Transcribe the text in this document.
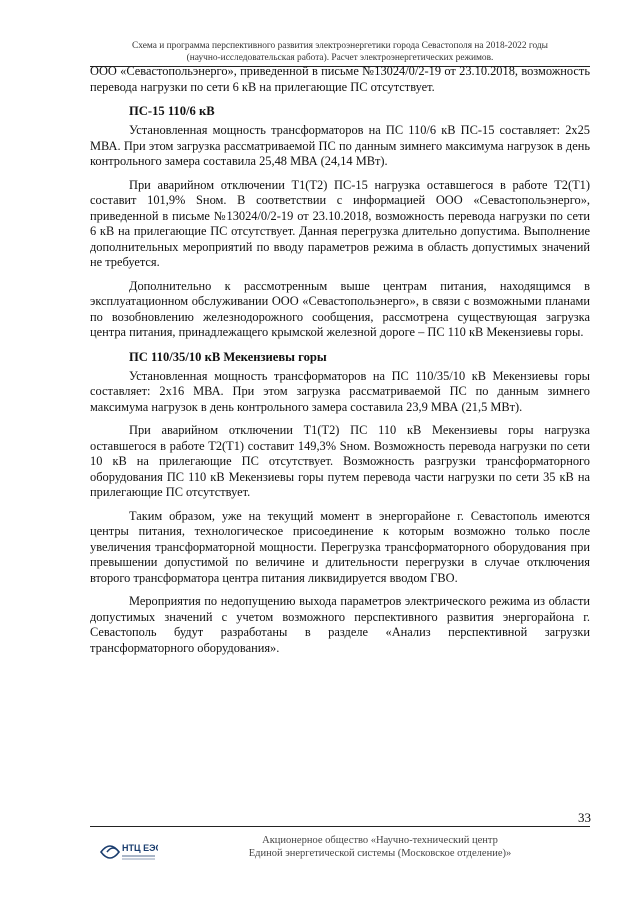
Схема и программа перспективного развития электроэнергетики города Севастополя на 2018-2022 годы
(научно-исследовательская работа). Расчет электроэнергетических режимов.

ООО «Севастопольэнерго», приведенной в письме №13024/0/2-19 от 23.10.2018, возможность перевода нагрузки по сети 6 кВ на прилегающие ПС отсутствует.

ПС-15 110/6 кВ

Установленная мощность трансформаторов на ПС 110/6 кВ ПС-15 составляет: 2х25 МВА. При этом загрузка рассматриваемой ПС по данным зимнего максимума нагрузок в день контрольного замера составила 25,48 МВА (24,14 МВт).

При аварийном отключении Т1(Т2) ПС-15 нагрузка оставшегося в работе Т2(Т1) составит 101,9% Sном. В соответствии с информацией ООО «Севастопольэнерго», приведенной в письме №13024/0/2-19 от 23.10.2018, возможность перевода нагрузки по сети 6 кВ на прилегающие ПС отсутствует. Данная перегрузка длительно допустима. Выполнение дополнительных мероприятий по вводу параметров режима в область допустимых значений не требуется.

Дополнительно к рассмотренным выше центрам питания, находящимся в эксплуатационном обслуживании ООО «Севастопольэнерго», в связи с возможными планами по возобновлению железнодорожного сообщения, рассмотрена существующая загрузка центра питания, принадлежащего крымской железной дороге – ПС 110 кВ Мекензиевы горы.

ПС 110/35/10 кВ Мекензиевы горы

Установленная мощность трансформаторов на ПС 110/35/10 кВ Мекензиевы горы составляет: 2х16 МВА. При этом загрузка рассматриваемой ПС по данным зимнего максимума нагрузок в день контрольного замера составила 23,9 МВА (21,5 МВт).

При аварийном отключении Т1(Т2) ПС 110 кВ Мекензиевы горы нагрузка оставшегося в работе Т2(Т1) составит 149,3% Sном. Возможность перевода нагрузки по сети 10 кВ на прилегающие ПС отсутствует. Возможность разгрузки трансформаторного оборудования ПС 110 кВ Мекензиевы горы путем перевода части нагрузки по сети 35 кВ на прилегающие ПС отсутствует.

Таким образом, уже на текущий момент в энергорайоне г. Севастополь имеются центры питания, технологическое присоединение к которым возможно только после увеличения трансформаторной мощности. Перегрузка трансформаторного оборудования при превышении допустимой по величине и длительности перегрузки в случае отключения второго трансформатора центра питания ликвидируется вводом ГВО.

Мероприятия по недопущению выхода параметров электрического режима из области допустимых значений с учетом возможного перспективного развития энергорайона г. Севастополь будут разработаны в разделе «Анализ перспективной загрузки трансформаторного оборудования».

33
НТЦ ЕЭС
Акционерное общество «Научно-технический центр
Единой энергетической системы (Московское отделение)»
